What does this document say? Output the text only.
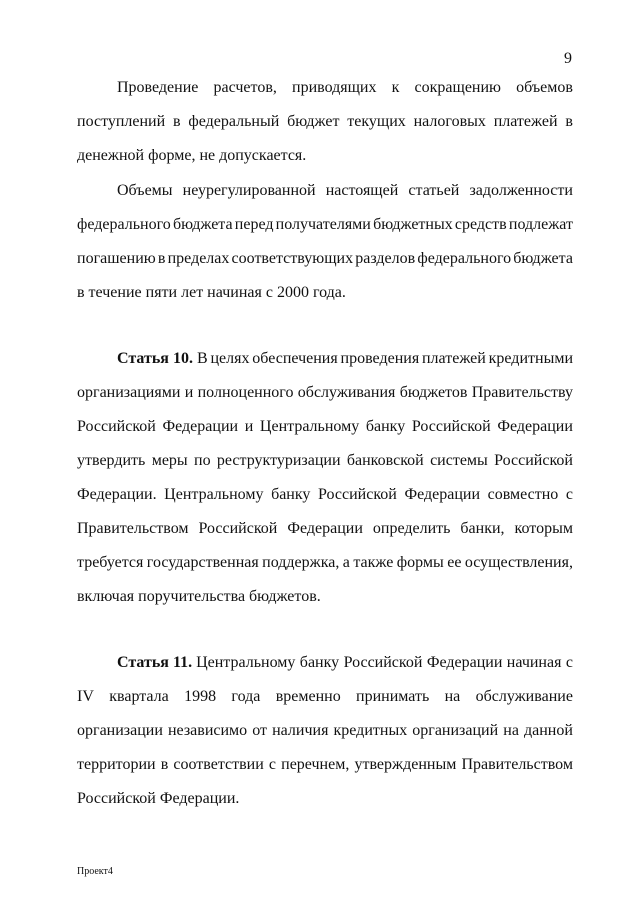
9
Проведение расчетов, приводящих к сокращению объемов
поступлений в федеральный бюджет текущих налоговых платежей в
денежной форме, не допускается.
Объемы неурегулированной настоящей статьей задолженности
федерального бюджета перед получателями бюджетных средств подлежат
погашению в пределах соответствующих разделов федерального бюджета
в течение пяти лет начиная с 2000 года.
Статья 10. В целях обеспечения проведения платежей кредитными
организациями и полноценного обслуживания бюджетов Правительству
Российской Федерации и Центральному банку Российской Федерации
утвердить меры по реструктуризации банковской системы Российской
Федерации. Центральному банку Российской Федерации совместно с
Правительством Российской Федерации определить банки, которым
требуется государственная поддержка, а также формы ее осуществления,
включая поручительства бюджетов.
Статья 11. Центральному банку Российской Федерации начиная с
IV квартала 1998 года временно принимать на обслуживание
организации независимо от наличия кредитных организаций на данной
территории в соответствии с перечнем, утвержденным Правительством
Российской Федерации.
Проект4
